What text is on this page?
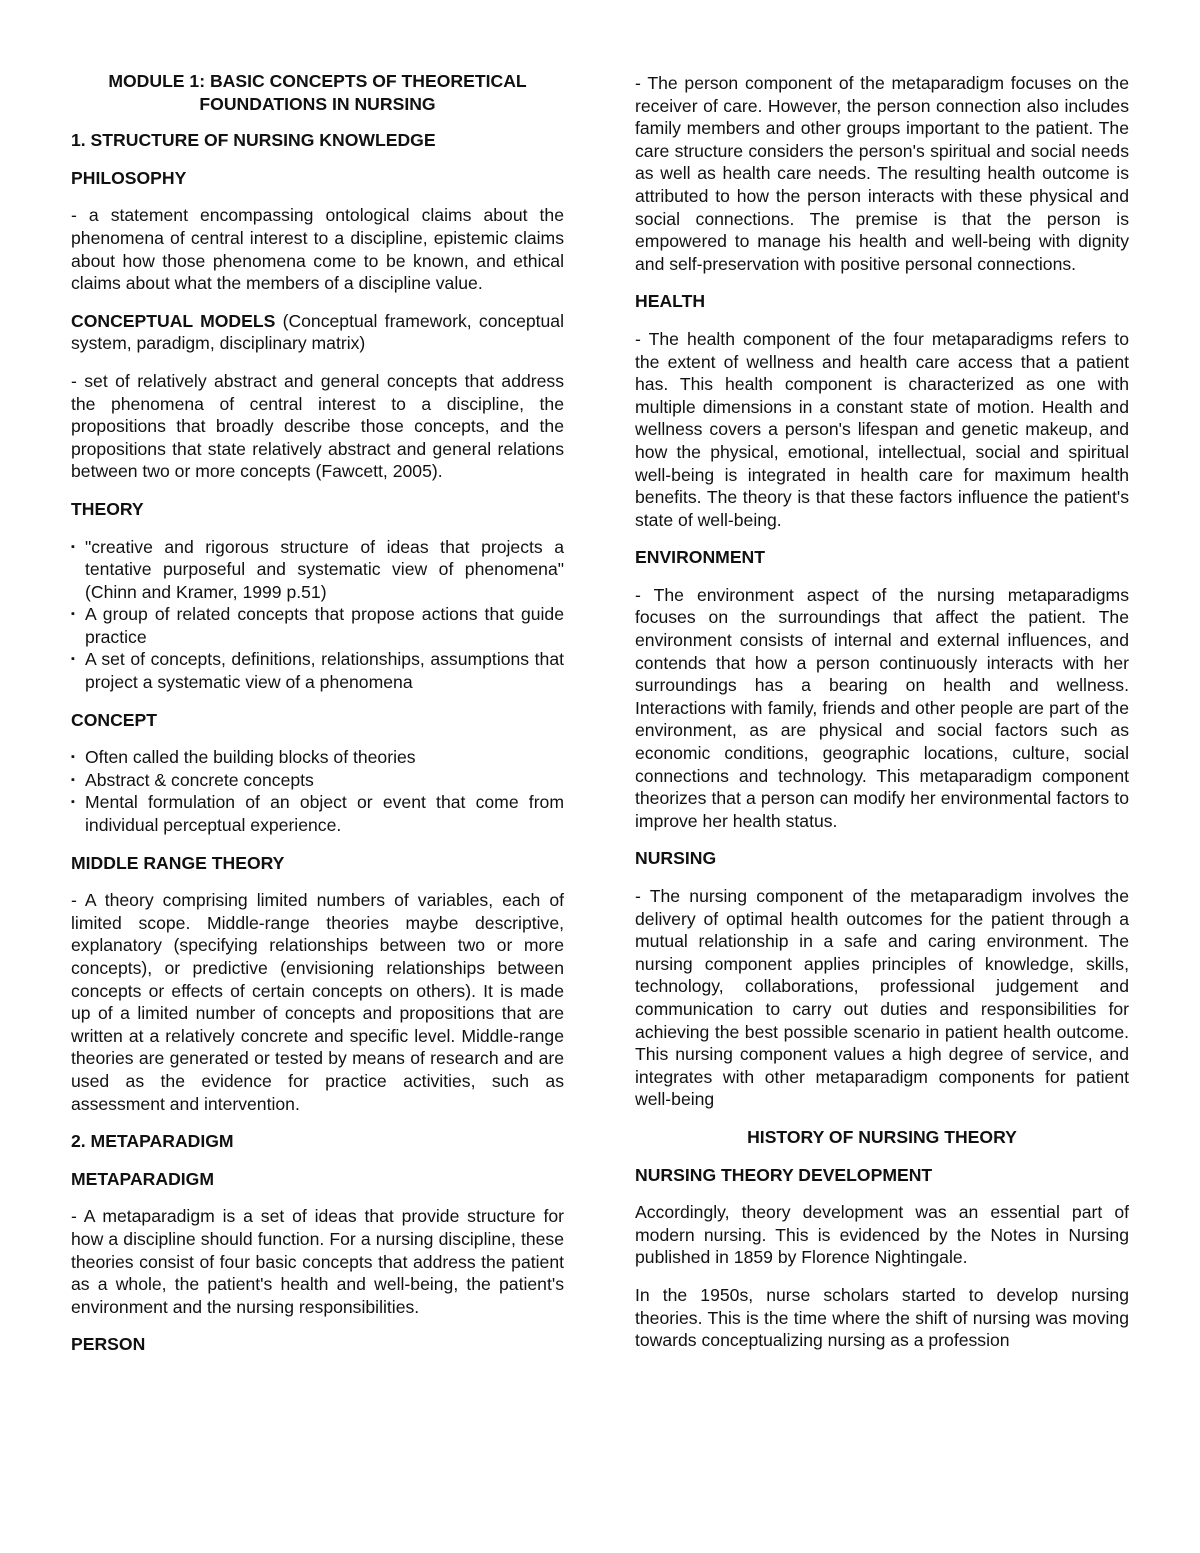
MODULE 1: BASIC CONCEPTS OF THEORETICAL

FOUNDATIONS IN NURSING

1. STRUCTURE OF NURSING KNOWLEDGE

PHILOSOPHY

- a statement encompassing ontological claims about the phenomena of central interest to a discipline, epistemic claims about how those phenomena come to be known, and ethical claims about what the members of a discipline value.

CONCEPTUAL MODELS (Conceptual framework, conceptual system, paradigm, disciplinary matrix)

- set of relatively abstract and general concepts that address the phenomena of central interest to a discipline, the propositions that broadly describe those concepts, and the propositions that state relatively abstract and general relations between two or more concepts (Fawcett, 2005).

THEORY

▪ "creative and rigorous structure of ideas that projects a tentative purposeful and systematic view of phenomena" (Chinn and Kramer, 1999 p.51)
▪ A group of related concepts that propose actions that guide practice
▪ A set of concepts, definitions, relationships, assumptions that project a systematic view of a phenomena

CONCEPT

▪ Often called the building blocks of theories
▪ Abstract & concrete concepts
▪ Mental formulation of an object or event that come from individual perceptual experience.

MIDDLE RANGE THEORY

- A theory comprising limited numbers of variables, each of limited scope. Middle-range theories maybe descriptive, explanatory (specifying relationships between two or more concepts), or predictive (envisioning relationships between concepts or effects of certain concepts on others). It is made up of a limited number of concepts and propositions that are written at a relatively concrete and specific level. Middle-range theories are generated or tested by means of research and are used as the evidence for practice activities, such as assessment and intervention.

2. METAPARADIGM

METAPARADIGM

- A metaparadigm is a set of ideas that provide structure for how a discipline should function. For a nursing discipline, these theories consist of four basic concepts that address the patient as a whole, the patient's health and well-being, the patient's environment and the nursing responsibilities.

PERSON

- The person component of the metaparadigm focuses on the receiver of care. However, the person connection also includes family members and other groups important to the patient. The care structure considers the person's spiritual and social needs as well as health care needs. The resulting health outcome is attributed to how the person interacts with these physical and social connections. The premise is that the person is empowered to manage his health and well-being with dignity and self-preservation with positive personal connections.

HEALTH

- The health component of the four metaparadigms refers to the extent of wellness and health care access that a patient has. This health component is characterized as one with multiple dimensions in a constant state of motion. Health and wellness covers a person's lifespan and genetic makeup, and how the physical, emotional, intellectual, social and spiritual well-being is integrated in health care for maximum health benefits. The theory is that these factors influence the patient's state of well-being.

ENVIRONMENT

- The environment aspect of the nursing metaparadigms focuses on the surroundings that affect the patient. The environment consists of internal and external influences, and contends that how a person continuously interacts with her surroundings has a bearing on health and wellness. Interactions with family, friends and other people are part of the environment, as are physical and social factors such as economic conditions, geographic locations, culture, social connections and technology. This metaparadigm component theorizes that a person can modify her environmental factors to improve her health status.

NURSING

- The nursing component of the metaparadigm involves the delivery of optimal health outcomes for the patient through a mutual relationship in a safe and caring environment. The nursing component applies principles of knowledge, skills, technology, collaborations, professional judgement and communication to carry out duties and responsibilities for achieving the best possible scenario in patient health outcome. This nursing component values a high degree of service, and integrates with other metaparadigm components for patient well-being

HISTORY OF NURSING THEORY

NURSING THEORY DEVELOPMENT

Accordingly, theory development was an essential part of modern nursing. This is evidenced by the Notes in Nursing published in 1859 by Florence Nightingale.

In the 1950s, nurse scholars started to develop nursing theories. This is the time where the shift of nursing was moving towards conceptualizing nursing as a profession
